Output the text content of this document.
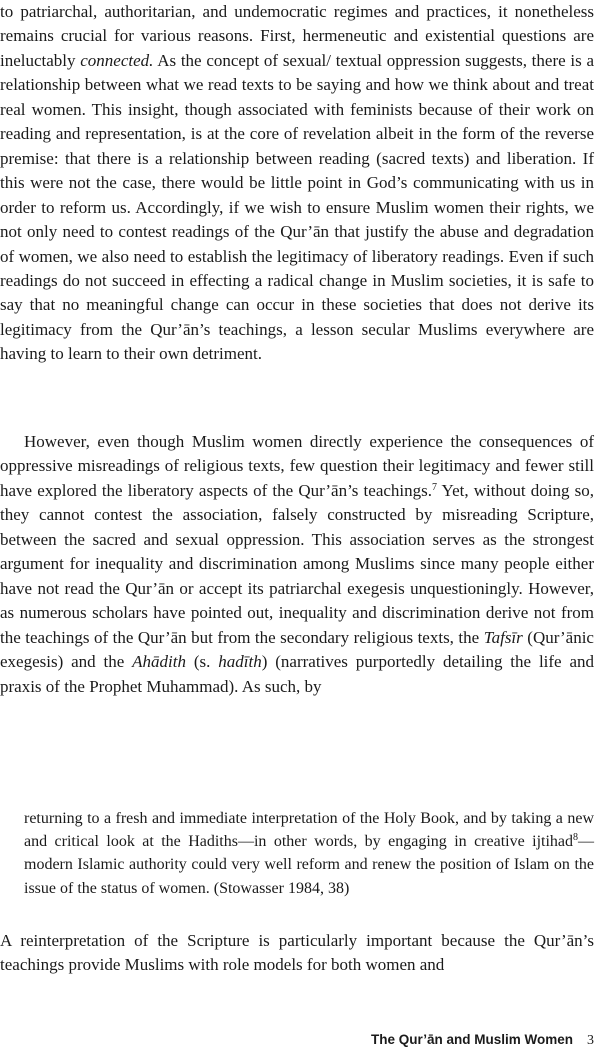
to patriarchal, authoritarian, and undemocratic regimes and practices, it nonetheless remains crucial for various reasons. First, hermeneutic and existential questions are ineluctably connected. As the concept of sexual/ textual oppression suggests, there is a relationship between what we read texts to be saying and how we think about and treat real women. This insight, though associated with feminists because of their work on reading and representation, is at the core of revelation albeit in the form of the reverse premise: that there is a relationship between reading (sacred texts) and liberation. If this were not the case, there would be little point in God’s communicating with us in order to reform us. Accordingly, if we wish to ensure Muslim women their rights, we not only need to contest readings of the Qur’ān that justify the abuse and degradation of women, we also need to establish the legitimacy of liberatory readings. Even if such readings do not succeed in effecting a radical change in Muslim societies, it is safe to say that no meaningful change can occur in these societies that does not derive its legitimacy from the Qur’ān’s teachings, a lesson secular Muslims everywhere are having to learn to their own detriment.

However, even though Muslim women directly experience the consequences of oppressive misreadings of religious texts, few question their legitimacy and fewer still have explored the liberatory aspects of the Qur’ān’s teachings.$^7$ Yet, without doing so, they cannot contest the association, falsely constructed by misreading Scripture, between the sacred and sexual oppression. This association serves as the strongest argument for inequality and discrimination among Muslims since many people either have not read the Qur’ān or accept its patriarchal exegesis unquestioningly. However, as numerous scholars have pointed out, inequality and discrimination derive not from the teachings of the Qur’ān but from the secondary religious texts, the Tafsīr (Qur’ānic exegesis) and the Ahādith (s. hadīth) (narratives purportedly detailing the life and praxis of the Prophet Muhammad). As such, by

returning to a fresh and immediate interpretation of the Holy Book, and by taking a new and critical look at the Hadiths—in other words, by engaging in creative ijtihad$^8$—modern Islamic authority could very well reform and renew the position of Islam on the issue of the status of women. (Stowasser 1984, 38)

A reinterpretation of the Scripture is particularly important because the Qur’ān’s teachings provide Muslims with role models for both women and

The Qur’ān and Muslim Women 3
